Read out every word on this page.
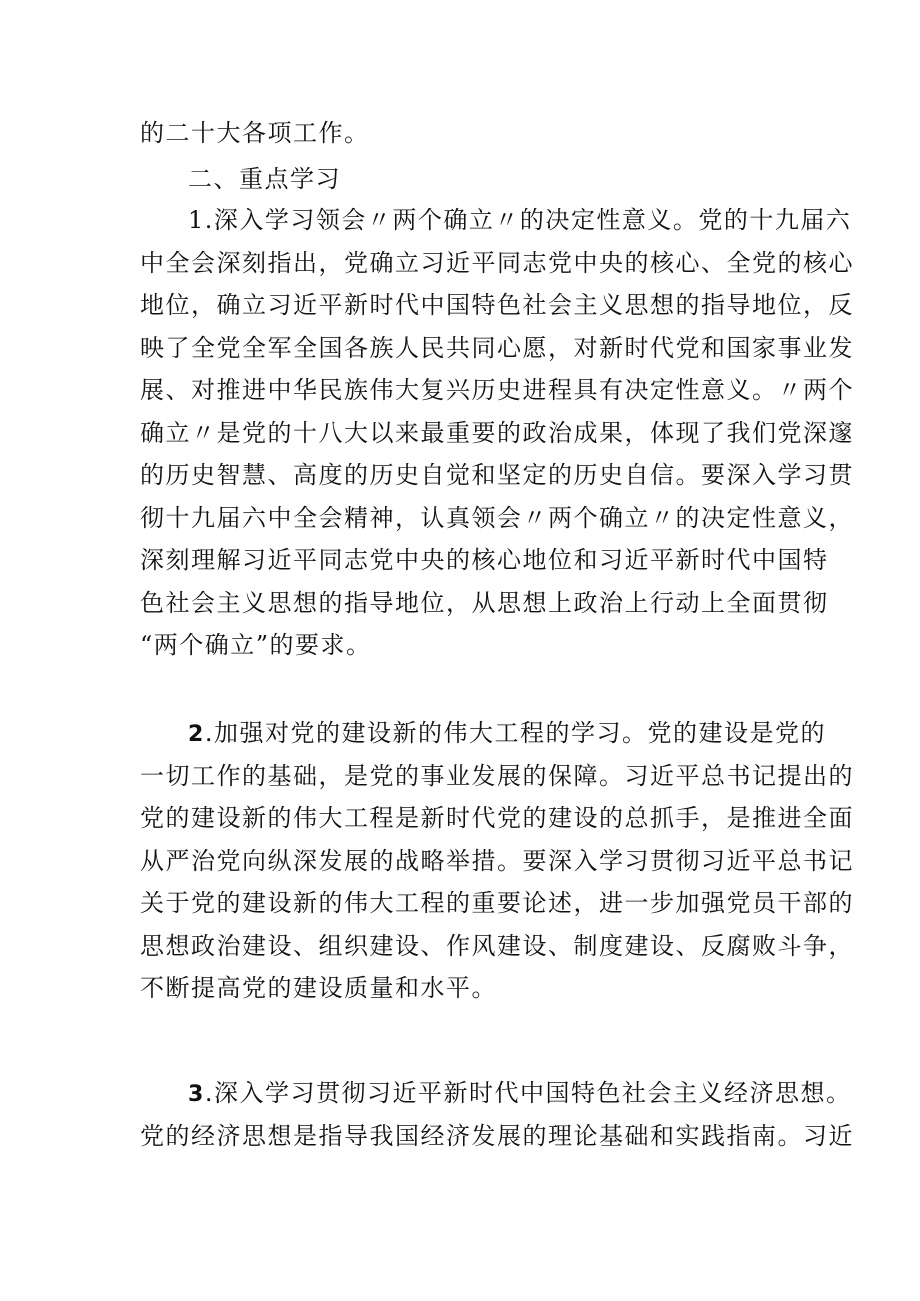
的二十大各项工作。
二、重点学习
1.深入学习领会〃两个确立〃的决定性意义。党的十九届六
中全会深刻指出，党确立习近平同志党中央的核心、全党的核心
地位，确立习近平新时代中国特色社会主义思想的指导地位，反
映了全党全军全国各族人民共同心愿，对新时代党和国家事业发
展、对推进中华民族伟大复兴历史进程具有决定性意义。〃两个
确立〃是党的十八大以来最重要的政治成果，体现了我们党深邃
的历史智慧、高度的历史自觉和坚定的历史自信。要深入学习贯
彻十九届六中全会精神，认真领会〃两个确立〃的决定性意义，
深刻理解习近平同志党中央的核心地位和习近平新时代中国特
色社会主义思想的指导地位，从思想上政治上行动上全面贯彻
“两个确立”的要求。
2.加强对党的建设新的伟大工程的学习。党的建设是党的
一切工作的基础，是党的事业发展的保障。习近平总书记提出的
党的建设新的伟大工程是新时代党的建设的总抓手，是推进全面
从严治党向纵深发展的战略举措。要深入学习贯彻习近平总书记
关于党的建设新的伟大工程的重要论述，进一步加强党员干部的
思想政治建设、组织建设、作风建设、制度建设、反腐败斗争，
不断提高党的建设质量和水平。
3.深入学习贯彻习近平新时代中国特色社会主义经济思想。
党的经济思想是指导我国经济发展的理论基础和实践指南。习近
